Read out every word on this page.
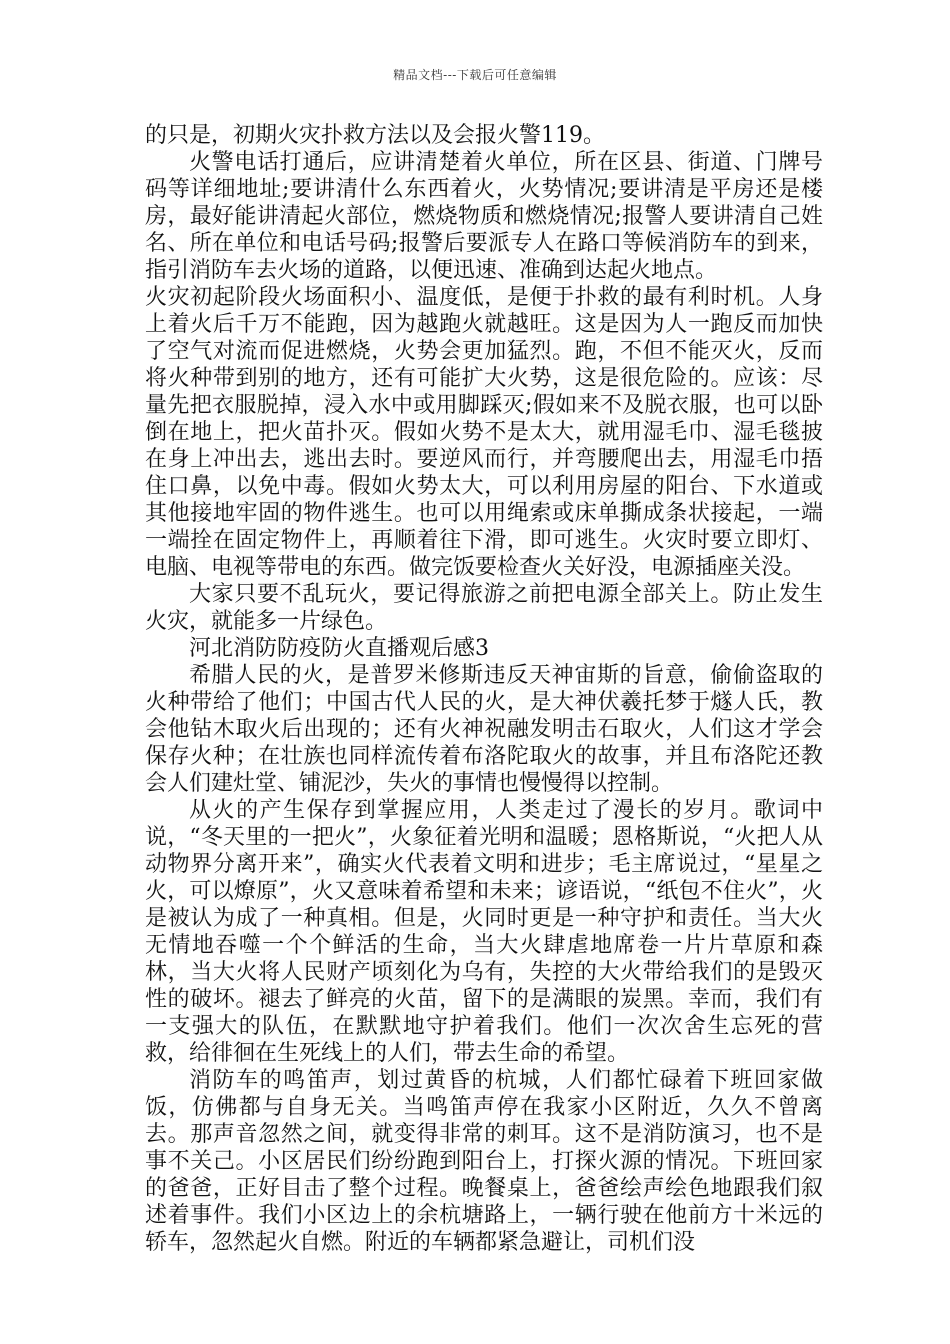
精品文档---下载后可任意编辑

的只是，初期火灾扑救方法以及会报火警119。

火警电话打通后，应讲清楚着火单位，所在区县、街道、门牌号码等详细地址;要讲清什么东西着火，火势情况;要讲清是平房还是楼房，最好能讲清起火部位，燃烧物质和燃烧情况;报警人要讲清自己姓名、所在单位和电话号码;报警后要派专人在路口等候消防车的到来，指引消防车去火场的道路，以便迅速、准确到达起火地点。

火灾初起阶段火场面积小、温度低，是便于扑救的最有利时机。人身上着火后千万不能跑，因为越跑火就越旺。这是因为人一跑反而加快了空气对流而促进燃烧，火势会更加猛烈。跑，不但不能灭火，反而将火种带到别的地方，还有可能扩大火势，这是很危险的。应该：尽量先把衣服脱掉，浸入水中或用脚踩灭;假如来不及脱衣服，也可以卧倒在地上，把火苗扑灭。假如火势不是太大，就用湿毛巾、湿毛毯披在身上冲出去，逃出去时。要逆风而行，并弯腰爬出去，用湿毛巾捂住口鼻，以免中毒。假如火势太大，可以利用房屋的阳台、下水道或其他接地牢固的物件逃生。也可以用绳索或床单撕成条状接起，一端一端拴在固定物件上，再顺着往下滑，即可逃生。火灾时要立即灯、电脑、电视等带电的东西。做完饭要检查火关好没，电源插座关没。

大家只要不乱玩火，要记得旅游之前把电源全部关上。防止发生火灾，就能多一片绿色。

河北消防防疫防火直播观后感3

希腊人民的火，是普罗米修斯违反天神宙斯的旨意，偷偷盗取的火种带给了他们；中国古代人民的火，是大神伏羲托梦于燧人氏，教会他钻木取火后出现的；还有火神祝融发明击石取火，人们这才学会保存火种；在壮族也同样流传着布洛陀取火的故事，并且布洛陀还教会人们建灶堂、铺泥沙，失火的事情也慢慢得以控制。

从火的产生保存到掌握应用，人类走过了漫长的岁月。歌词中说，“冬天里的一把火”，火象征着光明和温暖；恩格斯说，“火把人从动物界分离开来”，确实火代表着文明和进步；毛主席说过，“星星之火，可以燎原”，火又意味着希望和未来；谚语说，“纸包不住火”，火是被认为成了一种真相。但是，火同时更是一种守护和责任。当大火无情地吞噬一个个鲜活的生命，当大火肆虐地席卷一片片草原和森林，当大火将人民财产顷刻化为乌有，失控的大火带给我们的是毁灭性的破坏。褪去了鲜亮的火苗，留下的是满眼的炭黑。幸而，我们有一支强大的队伍，在默默地守护着我们。他们一次次舍生忘死的营救，给徘徊在生死线上的人们，带去生命的希望。

消防车的鸣笛声，划过黄昏的杭城，人们都忙碌着下班回家做饭，仿佛都与自身无关。当鸣笛声停在我家小区附近，久久不曾离去。那声音忽然之间，就变得非常的刺耳。这不是消防演习，也不是事不关己。小区居民们纷纷跑到阳台上，打探火源的情况。下班回家的爸爸，正好目击了整个过程。晚餐桌上，爸爸绘声绘色地跟我们叙述着事件。我们小区边上的余杭塘路上，一辆行驶在他前方十米远的轿车，忽然起火自燃。附近的车辆都紧急避让，司机们没
